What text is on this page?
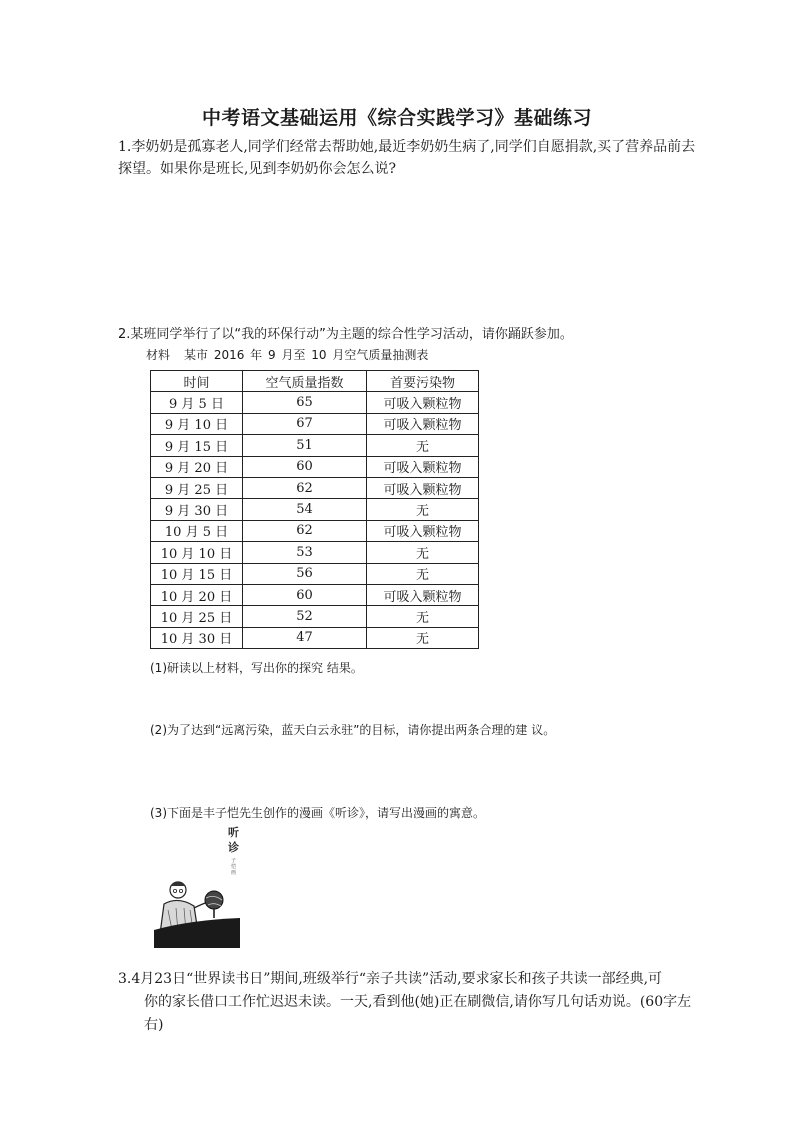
中考语文基础运用《综合实践学习》基础练习
1.李奶奶是孤寡老人,同学们经常去帮助她,最近李奶奶生病了,同学们自愿捐款,买了营养品前去探望。如果你是班长,见到李奶奶你会怎么说?
2.某班同学举行了以“我的环保行动”为主题的综合性学习活动，请你踊跃参加。
材料 某市 2016 年 9 月至 10 月空气质量抽测表
时间	空气质量指数	首要污染物
9 月 5 日	65	可吸入颗粒物
9 月 10 日	67	可吸入颗粒物
9 月 15 日	51	无
9 月 20 日	60	可吸入颗粒物
9 月 25 日	62	可吸入颗粒物
9 月 30 日	54	无
10 月 5 日	62	可吸入颗粒物
10 月 10 日	53	无
10 月 15 日	56	无
10 月 20 日	60	可吸入颗粒物
10 月 25 日	52	无
10 月 30 日	47	无
(1)研读以上材料，写出你的探究 结果。
(2)为了达到“远离污染，蓝天白云永驻”的目标，请你提出两条合理的建 议。
(3)下面是丰子恺先生创作的漫画《听诊》，请写出漫画的寓意。
听
诊
子
恺
画
3.4月23日“世界读书日”期间,班级举行“亲子共读”活动,要求家长和孩子共读一部经典,可
你的家长借口工作忙迟迟未读。一天,看到他(她)正在刷微信,请你写几句话劝说。(60字左
右)
